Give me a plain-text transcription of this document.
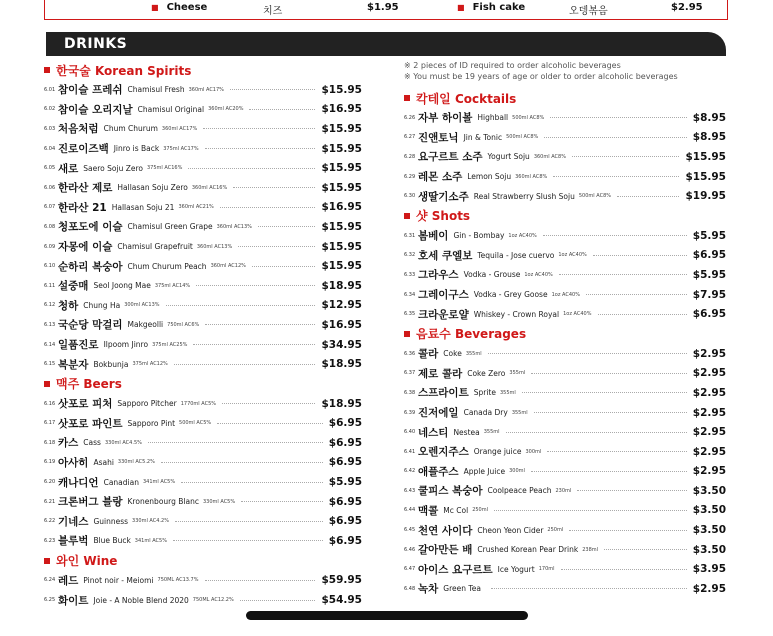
■ Cheese	치즈	$1.95	■ Fish cake	오뎅볶음	$2.95
DRINKS
한국술 Korean Spirits
6.01 참이슬 프레쉬 Chamisul Fresh 360ml AC17%	$15.95
6.02 참이슬 오리지날 Chamisul Original 360ml AC20%	$16.95
6.03 처음처럼 Chum Churum 360ml AC17%	$15.95
6.04 진로이즈백 Jinro is Back 375ml AC17%	$15.95
6.05 새로 Saero Soju Zero 375ml AC16%	$15.95
6.06 한라산 제로 Hallasan Soju Zero 360ml AC16%	$15.95
6.07 한라산 21 Hallasan Soju 21 360ml AC21%	$16.95
6.08 청포도에 이슬 Chamisul Green Grape 360ml AC13%	$15.95
6.09 자몽에 이슬 Chamisul Grapefruit 360ml AC13%	$15.95
6.10 순하리 복숭아 Chum Churum Peach 360ml AC12%	$15.95
6.11 설중매 Seol Joong Mae 375ml AC14%	$18.95
6.12 청하 Chung Ha 300ml AC13%	$12.95
6.13 국순당 막걸리 Makgeolli 750ml AC6%	$16.95
6.14 일품진로 Ilpoom Jinro 375ml AC25%	$34.95
6.15 복분자 Bokbunja 375ml AC12%	$18.95
맥주 Beers
6.16 삿포로 피처 Sapporo Pitcher 1770ml AC5%	$18.95
6.17 삿포로 파인트 Sapporo Pint 500ml AC5%	$6.95
6.18 카스 Cass 330ml AC4.5%	$6.95
6.19 아사히 Asahi 330ml AC5.2%	$6.95
6.20 캐나디언 Canadian 341ml AC5%	$5.95
6.21 크론버그 블랑 Kronenbourg Blanc 330ml AC5%	$6.95
6.22 기네스 Guinness 330ml AC4.2%	$6.95
6.23 블루벅 Blue Buck 341ml AC5%	$6.95
와인 Wine
6.24 레드 Pinot noir - Meiomi 750ML AC13.7%	$59.95
6.25 화이트 Joie - A Noble Blend 2020 750ML AC12.2%	$54.95
※ 2 pieces of ID required to order alcoholic beverages
※ You must be 19 years of age or older to order alcoholic beverages
칵테일 Cocktails
6.26 자부 하이볼 Highball 500ml AC8%	$8.95
6.27 진앤토닉 Jin & Tonic 500ml AC8%	$8.95
6.28 요구르트 소주 Yogurt Soju 360ml AC8%	$15.95
6.29 레몬 소주 Lemon Soju 360ml AC8%	$15.95
6.30 생딸기소주 Real Strawberry Slush Soju 500ml AC8%	$19.95
샷 Shots
6.31 봄베이 Gin - Bombay 1oz AC40%	$5.95
6.32 호세 쿠엘보 Tequila - Jose cuervo 1oz AC40%	$6.95
6.33 그라우스 Vodka - Grouse 1oz AC40%	$5.95
6.34 그레이구스 Vodka - Grey Goose 1oz AC40%	$7.95
6.35 크라운로얄 Whiskey - Crown Royal 1oz AC40%	$6.95
음료수 Beverages
6.36 콜라 Coke 355ml	$2.95
6.37 제로 콜라 Coke Zero 355ml	$2.95
6.38 스프라이트 Sprite 355ml	$2.95
6.39 진저에일 Canada Dry 355ml	$2.95
6.40 네스티 Nestea 355ml	$2.95
6.41 오렌지주스 Orange juice 300ml	$2.95
6.42 애플주스 Apple Juice 300ml	$2.95
6.43 쿨피스 복숭아 Coolpeace Peach 230ml	$3.50
6.44 맥콜 Mc Col 250ml	$3.50
6.45 천연 사이다 Cheon Yeon Cider 250ml	$3.50
6.46 갈아만든 배 Crushed Korean Pear Drink 238ml	$3.50
6.47 아이스 요구르트 Ice Yogurt 170ml	$3.95
6.48 녹차 Green Tea	$2.95
